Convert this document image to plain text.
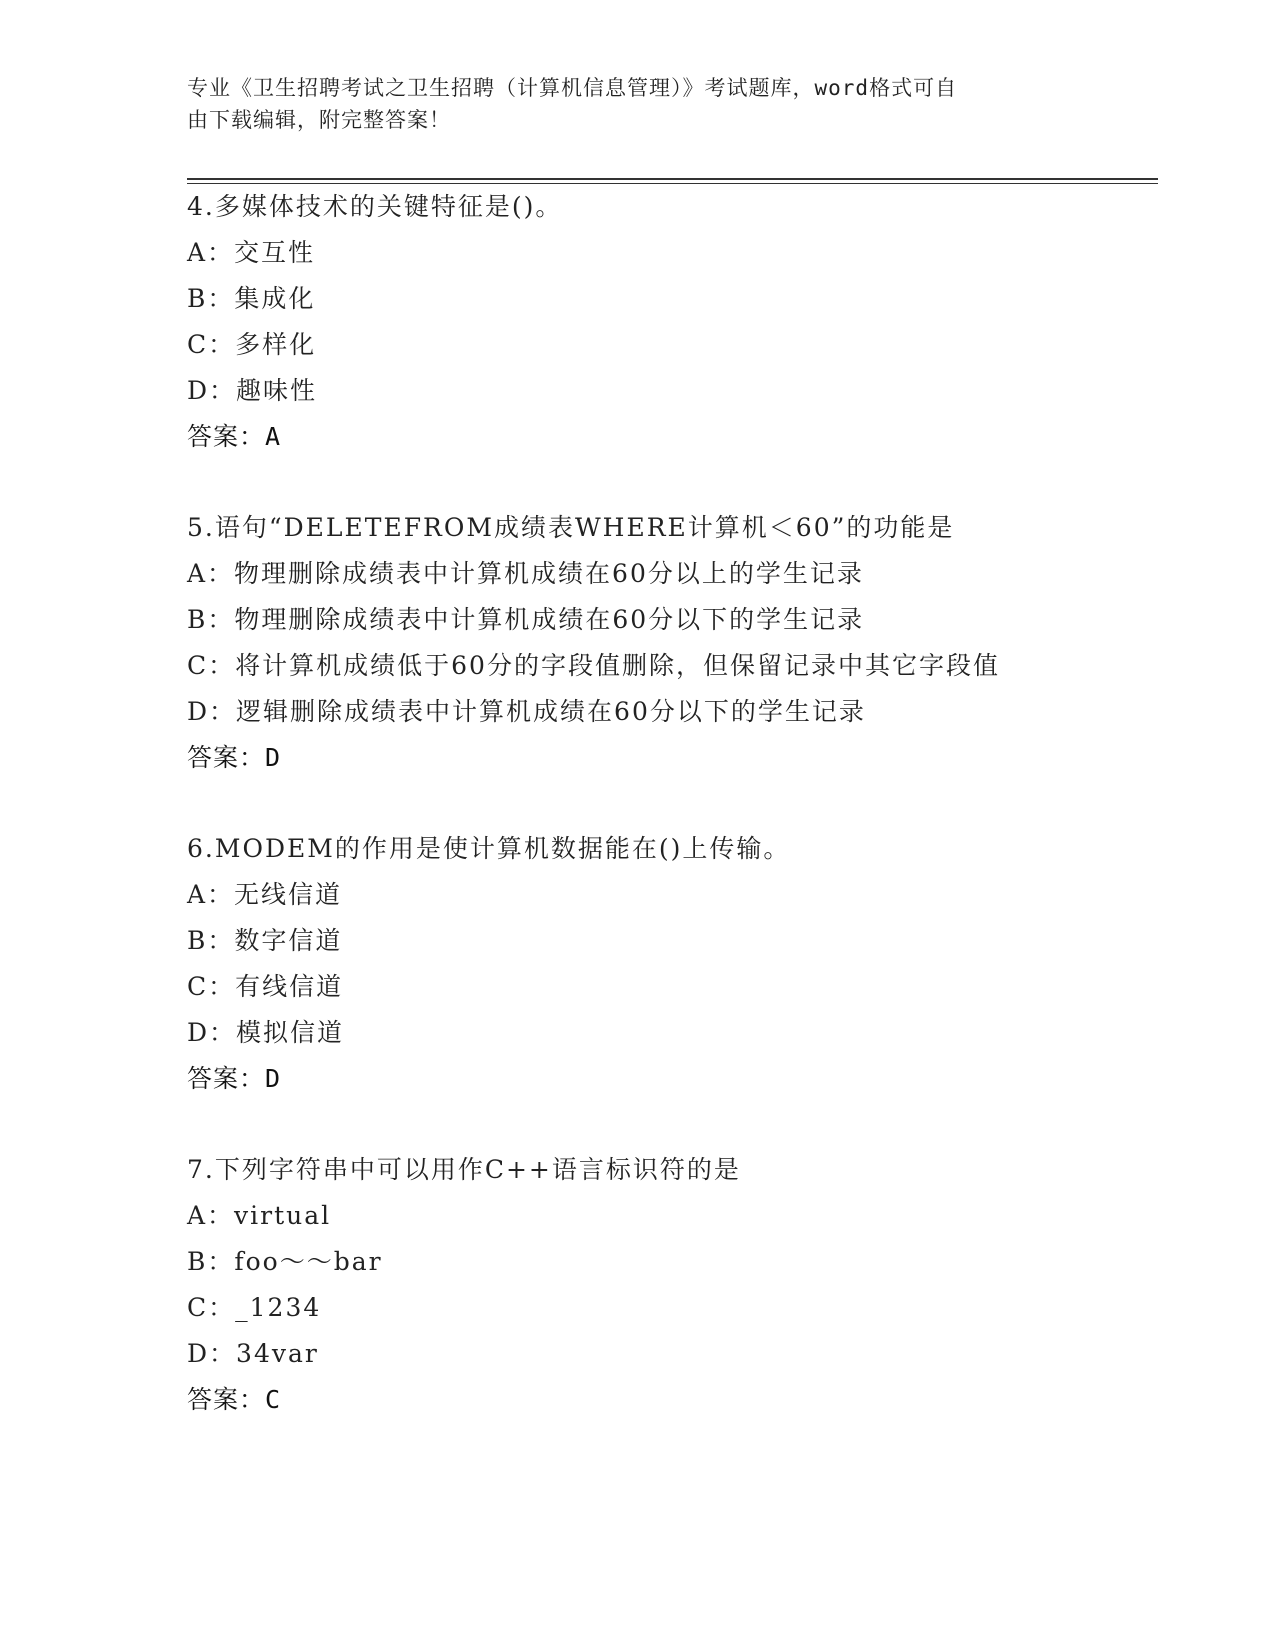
专业《卫生招聘考试之卫生招聘（计算机信息管理）》考试题库，word格式可自
由下载编辑，附完整答案！
4.多媒体技术的关键特征是()。
A：交互性
B：集成化
C：多样化
D：趣味性
答案：A
5.语句“DELETEFROM成绩表WHERE计算机＜60”的功能是
A：物理删除成绩表中计算机成绩在60分以上的学生记录
B：物理删除成绩表中计算机成绩在60分以下的学生记录
C：将计算机成绩低于60分的字段值删除，但保留记录中其它字段值
D：逻辑删除成绩表中计算机成绩在60分以下的学生记录
答案：D
6.MODEM的作用是使计算机数据能在()上传输。
A：无线信道
B：数字信道
C：有线信道
D：模拟信道
答案：D
7.下列字符串中可以用作C++语言标识符的是
A：virtual
B：foo～～bar
C：_1234
D：34var
答案：C
